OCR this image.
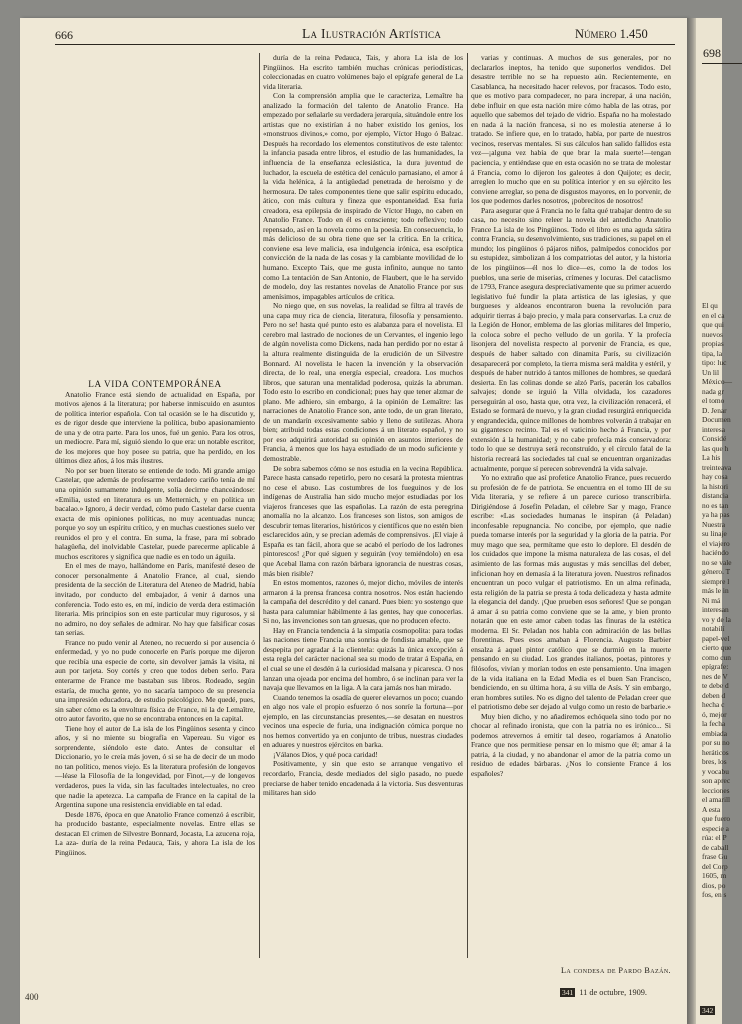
698
El qu
en el ca
que qui
nuevos
propias
tipa, la
tipo: luc
Un lil
México—
nada gr
el tomo
D. Jenar
Documen
interesa
Considé
las que h
La his
treinteava
hay cosa
la histori
distancia
no es tan
ya ha pas
Nuestra
su linaje
el viajero
haciéndo
no se vale
género. T
siempre l
más le in
Ni má
interesan
vo y de la
notabilí
papel-vel
cierto que
como cun
epígrafe:
nes de V
te debe d
deben d
hecha c
ó, mejor
la fecha
embiada
por su no
heráticos
bres, los
y vocabu
son aprec
lecciones
el amarill
A esta
que fuero
especie a
rúa: el P
de caball
frase Gu
del Corp
1605, m
dios, po
fos, en s
342
666	La Ilustración Artística	Número 1.450

LA VIDA CONTEMPORÁNEA

Anatolio France está siendo de actualidad en España, por motivos ajenos á la literatura; por haberse inmiscuido en asuntos de política interior española. Con tal ocasión se le ha discutido y, es de rigor desde que interviene la política, bubo apasionamiento de una y de otra parte. Para los unos, fué un genio. Para los otros, un mediocre. Para mí, siguió siendo lo que era: un notable escritor, de los mejores que hoy posee su patria, que ha perdido, en los últimos diez años, á los más ilustres.

No por ser buen literato se entiende de todo. Mi grande amigo Castelar, que además de profesarme verdadero cariño tenía de mí una opinión sumamente indulgente, solía decirme chanceándose: «Emilia, usted en literatura es un Metternich, y en política un bacalao.» Ignoro, á decir verdad, cómo pudo Castelar darse cuenta exacta de mis opiniones políticas, no muy acentuadas nunca; porque yo soy un espíritu crítico, y en muchas cuestiones suelo ver reunidos el pro y el contra. En suma, la frase, para mí sobrado halagüeña, del inolvidable Castelar, puede parecerme aplicable á muchos escritores y significa que nadie es en todo un águila.

En el mes de mayo, hallándome en París, manifesté deseo de conocer personalmente á Anatolio France, al cual, siendo presidenta de la sección de Literatura del Ateneo de Madrid, había invitado, por conducto del embajador, á venir á darnos una conferencia. Todo esto es, en mí, indicio de verda dera estimación literaria. Mis principios son en este particular muy rigurosos, y si no admiro, no doy señales de admirar. No hay que falsificar cosas tan serias.

France no pudo venir al Ateneo, no recuerdo si por ausencia ó enfermedad, y yo no pude conocerle en París porque me dijeron que recibía una especie de corte, sin devolver jamás la visita, ni aun por tarjeta. Soy cortés y creo que todos deben serlo. Para enterarme de France me bastaban sus libros. Rodeado, según estaría, de mucha gente, yo no sacaría tampoco de su presencia una impresión educadora, de estudio psicológico. Me quedé, pues, sin saber cómo es la envoltura física de France, ni la de Lemaître, otro autor favorito, que no se encontraba entonces en la capital.

Tiene hoy el autor de La isla de los Pingüinos sesenta y cinco años, y si no miente su biografía en Vapereau. Su vigor es sorprendente, siéndolo este dato. Antes de consultar el Diccionario, yo le creía más joven, ó si se ha de decir de un modo no tan político, menos viejo. Es la literatura profesión de longevos—léase la Filosofía de la longevidad, por Finot,—y de longevos verdaderos, pues la vida, sin las facultades intelectuales, no creo que nadie la apetezca. La campaña de France en la capital de la Argentina supone una resistencia envidiable en tal edad.

Desde 1876, época en que Anatolio France comenzó á escribir, ha producido bastante, especialmente novelas. Entre ellas se destacan El crimen de Silvestre Bonnard, Jocasta, La azucena roja, La aza- duría de la reina Pedauca, Tais, y ahora La isla de los Pingüinos.

duría de la reina Pedauca, Tais, y ahora La isla de los Pingüinos. Ha escrito también muchas crónicas periodísticas, coleccionadas en cuatro volúmenes bajo el epígrafe general de La vida literaria.

Con la comprensión amplia que le caracteriza, Lemaître ha analizado la formación del talento de Anatolio France. Ha empezado por señalarle su verdadera jerarquía, situándole entre los artistas que no existirían á no haber existido los genios, los «monstruos divinos,» como, por ejemplo, Víctor Hugo ó Balzac. Después ha recordado los elementos constitutivos de este talento: la infancia pasada entre libros, el estudio de las humanidades, la influencia de la enseñanza eclesiástica, la dura juventud de luchador, la escuela de estética del cenáculo parnasiano, el amor á la vida helénica, á la antigüedad penetrada de heroísmo y de hermosura. De tales componentes tiene que salir espíritu educado, ático, con más cultura y fineza que espontaneidad. Esa furia creadora, esa epilepsia de inspirado de Víctor Hugo, no caben en Anatolio France. Todo en él es consciente; todo reflexivo; todo repensado, así en la novela como en la poesía. En consecuencia, lo más delicioso de su obra tiene que ser la crítica. En la crítica, conviene esa leve malicia, esa indulgencia irónica, esa escéptica convicción de la nada de las cosas y la cambiante movilidad de lo humano. Excepto Tais, que me gusta infinito, aunque no tanto como La tentación de San Antonio, de Flaubert, que le ha servido de modelo, doy las restantes novelas de Anatolio France por sus amenísimos, impagables artículos de crítica.

No niego que, en sus novelas, la realidad se filtra al través de una capa muy rica de ciencia, literatura, filosofía y pensamiento. Pero no se! hasta qué punto esto es alabanza para el novelista. El cerebro mal lastrado de nociones de un Cervantes, el ingenio lego de algún novelista como Dickens, nada han perdido por no estar á la altura realmente distinguida de la erudición de un Silvestre Bonnard. Al novelista le hacen la invención y la observación directa, de lo real, una energía especial, creadora. Los muchos libros, que saturan una mentalidad poderosa, quizás la abruman. Todo esto lo escribo en condicional; pues hay que tener alzmar de plano. Me adhiero, sin embargo, á la opinión de Lemaître: las narraciones de Anatolio France son, ante todo, de un gran literato, de un mandarín excesivamente sabio y lleno de sutilezas. Ahora bien; atribuid todas estas condiciones á un literato español, y no por eso adquirirá autoridad su opinión en asuntos interiores de Francia, á menos que los haya estudiado de un modo suficiente y demostrable.

De sobra sabemos cómo se nos estudia en la vecina República. Parece hasta cansado repetirlo, pero no cesará la protesta mientras no cese el abuso. Las costumbres de los fueguinos y de los indígenas de Australia han sido mucho mejor estudiadas por los viajeros franceses que las españolas. La razón de esta peregrina anomalía no la alcanzo. Los franceses son listos, son amigos de descubrir temas literarios, históricos y científicos que no estén bien esclarecidos aún, y se precian además de comprensivos. ¡El viaje á España es tan fácil, ahora que se acabó el período de los ladrones pintorescos! ¿Por qué siguen y seguirán (voy temiéndolo) en esa que Acebal llama con razón bárbara ignorancia de nuestras cosas, más bien risible?

En estos momentos, razones ó, mejor dicho, móviles de interés armaron á la prensa francesa contra nosotros. Nos están haciendo la campaña del descrédito y del canard. Pues bien: yo sostengo que hasta para calumniar hábilmente á las gentes, hay que conocerlas. Si no, las invenciones son tan gruesas, que no producen efecto.

Hay en Francia tendencia á la simpatía cosmopolita: para todas las naciones tiene Francia una sonrisa de fondista amable, que se despepita por agradar á la clientela: quizás la única excepción á esta regla del carácter nacional sea su modo de tratar á España, en el cual se une el desdén á la curiosidad malsana y picaresca. O nos lanzan una ojeada por encima del hombro, ó se inclinan para ver la navaja que llevamos en la liga. A la cara jamás nos han mirado.

Cuando tenemos la osadía de querer elevarnos un poco; cuando en algo nos vale el propio esfuerzo ó nos sonríe la fortuna—por ejemplo, en las circunstancias presentes,—se desatan en nuestros vecinos una especie de furia, una indignación cómica porque no nos hemos convertido ya en conjunto de tribus, nuestras ciudades en aduares y nuestros ejércitos en barka.

¡Válanos Dios, y qué poca caridad!

Positivamente, y sin que esto se arranque vengativo el recordarlo, Francia, desde mediados del siglo pasado, no puede preciarse de haber tenido encadenada á la victoria. Sus desventuras militares han sido

varias y continuas. A muchos de sus generales, por no declararlos ineptos, ha tenido que suponerlos vendidos. Del desastre terrible no se ha repuesto aún. Recientemente, en Casablanca, ha necesitado hacer relevos, por fracasos. Todo esto, que es motivo para compadecer, no para increpar, á una nación, debe influir en que esta nación mire cómo habla de las otras, por aquello que sabemos del tejado de vidrio. España no ha molestado en nada á la nación francesa, si no es molestia atenerse á lo tratado. Se infiere que, en lo tratado, había, por parte de nuestros vecinos, reservas mentales. Si sus cálculos han salido fallidos esta vez—¡alguna vez había de que brar la mala suerte!—tengan paciencia, y entiéndase que en esta ocasión no se trata de molestar á Francia, como lo dijeron los galeotes á don Quijote; es decir, arreglen lo mucho que en su política interior y en su ejército les conviene arreglar, so pena de disgustos mayores, en lo porvenir, de los que podemos darles nosotros, ¡pobrecitos de nosotros!

Para asegurar que á Francia no le falta qué trabajar dentro de su casa, no necesito sino releer la novela del antedicho Anatolio France La isla de los Pingüinos. Todo el libro es una aguda sátira contra Francia, su desenvolvimiento, sus tradiciones, su papel en el mundo; los pingüinos ó pájaros niños, palmípedos conocidos por su estupidez, simbolizan á los compatriotas del autor, y la historia de los pingüinos—él nos lo dice—es, como la de todos los pueblos, una serie de miserias, crímenes y locuras. Del cataclismo de 1793, France asegura despreciativamente que su primer acuerdo legislativo fué fundir la plata artística de las iglesias, y que burgueses y aldeanos encontraron buena la revolución para adquirir tierras á bajo precio, y mala para conservarlas. La cruz de la Legión de Honor, emblema de las glorias militares del Imperio, la coloca sobre el pecho velludo de un gorila. Y la profecía lisonjera del novelista respecto al porvenir de Francia, es que, después de haber saltado con dinamita París, su civilización desaparecerá por completo, la tierra misma será maldita y estéril, y después de haber nutrido á tantos millones de hombres, se quedará desierta. En las colinas donde se alzó París, pacerán los caballos salvajes; donde se irguió la Villa olvidada, los cazadores perseguirán al oso, hasta que, otra vez, la civilización renacerá, el Estado se formará de nuevo, y la gran ciudad resurgirá enriquecida y engrandecida, quince millones de hombres volverán á trabajar en su gigantesco recinto. Tal es el vaticinio hecho á Francia, y por extensión á la humanidad; y no cabe profecía más conservadora: todo lo que se destruya será reconstruído, y el círculo fatal de la historia recreará las sociedades tal cual se encuentran organizadas actualmente, porque sí perecen sobrevendrá la vida salvaje.

Yo no extraño que así profetice Anatolio France, pues recuerdo su profesión de fe de patriota. Se encuentra en el tomo III de su Vida literaria, y se refiere á un parece curioso transcribirla. Dirigiéndose á Josefín Peladan, el célebre Sar y mago, France escribe: «Las sociedades humanas le inspiran (á Peladan) inconfesable repugnancia. No concibe, por ejemplo, que nadie pueda tomarse interés por la seguridad y la gloria de la patria. Por muy mago que sea, permítame que esto lo deplore. El desdén de los cuidados que impone la misma naturaleza de las cosas, el del asimiento de las formas más augustas y más sencillas del deber, inficionan hoy en demasía á la literatura joven. Nuestros refinados encuentran un poco vulgar el patriotismo. En un alma refinada, esta religión de la patria se presta á toda delicadeza y hasta admite la elegancia del dandy. ¡Que prueben esos señores! Que se pongan á amar á su patria como conviene que se la ame, y bien pronto notarán que en este amor caben todas las finuras de la estética moderna. El Sr. Peladan nos habla con admiración de las bellas florentinas. Pues esos amaban á Florencia. Augusto Barbier ensalza á aquel pintor católico que se durmió en la muerte pensando en su ciudad. Los grandes italianos, poetas, pintores y filósofos, vivían y morían todos en este pensamiento. Una imagen de la vida italiana en la Edad Media es el buen San Francisco, bendiciendo, en su última hora, á su villa de Asís. Y sin embargo, eran hombres sutiles. No es digno del talento de Peladan creer que el patriotismo debe ser dejado al vulgo como un resto de barbarie.»

Muy bien dicho, y no añadiremos echóquela sino todo por no chocar al refinado ironista, que con la patria no es irónico... Si podemos atrevernos á emitir tal deseo, rogaríamos á Anatolio France que nos permitiese pensar en lo mismo que él; amar á la patria, á la ciudad, y no abandonar el amor de la patria como un residuo de edades bárbaras. ¿Nos lo consiente France á los españoles?

La condesa de Pardo Bazán.
400	341 11 de octubre, 1909.
